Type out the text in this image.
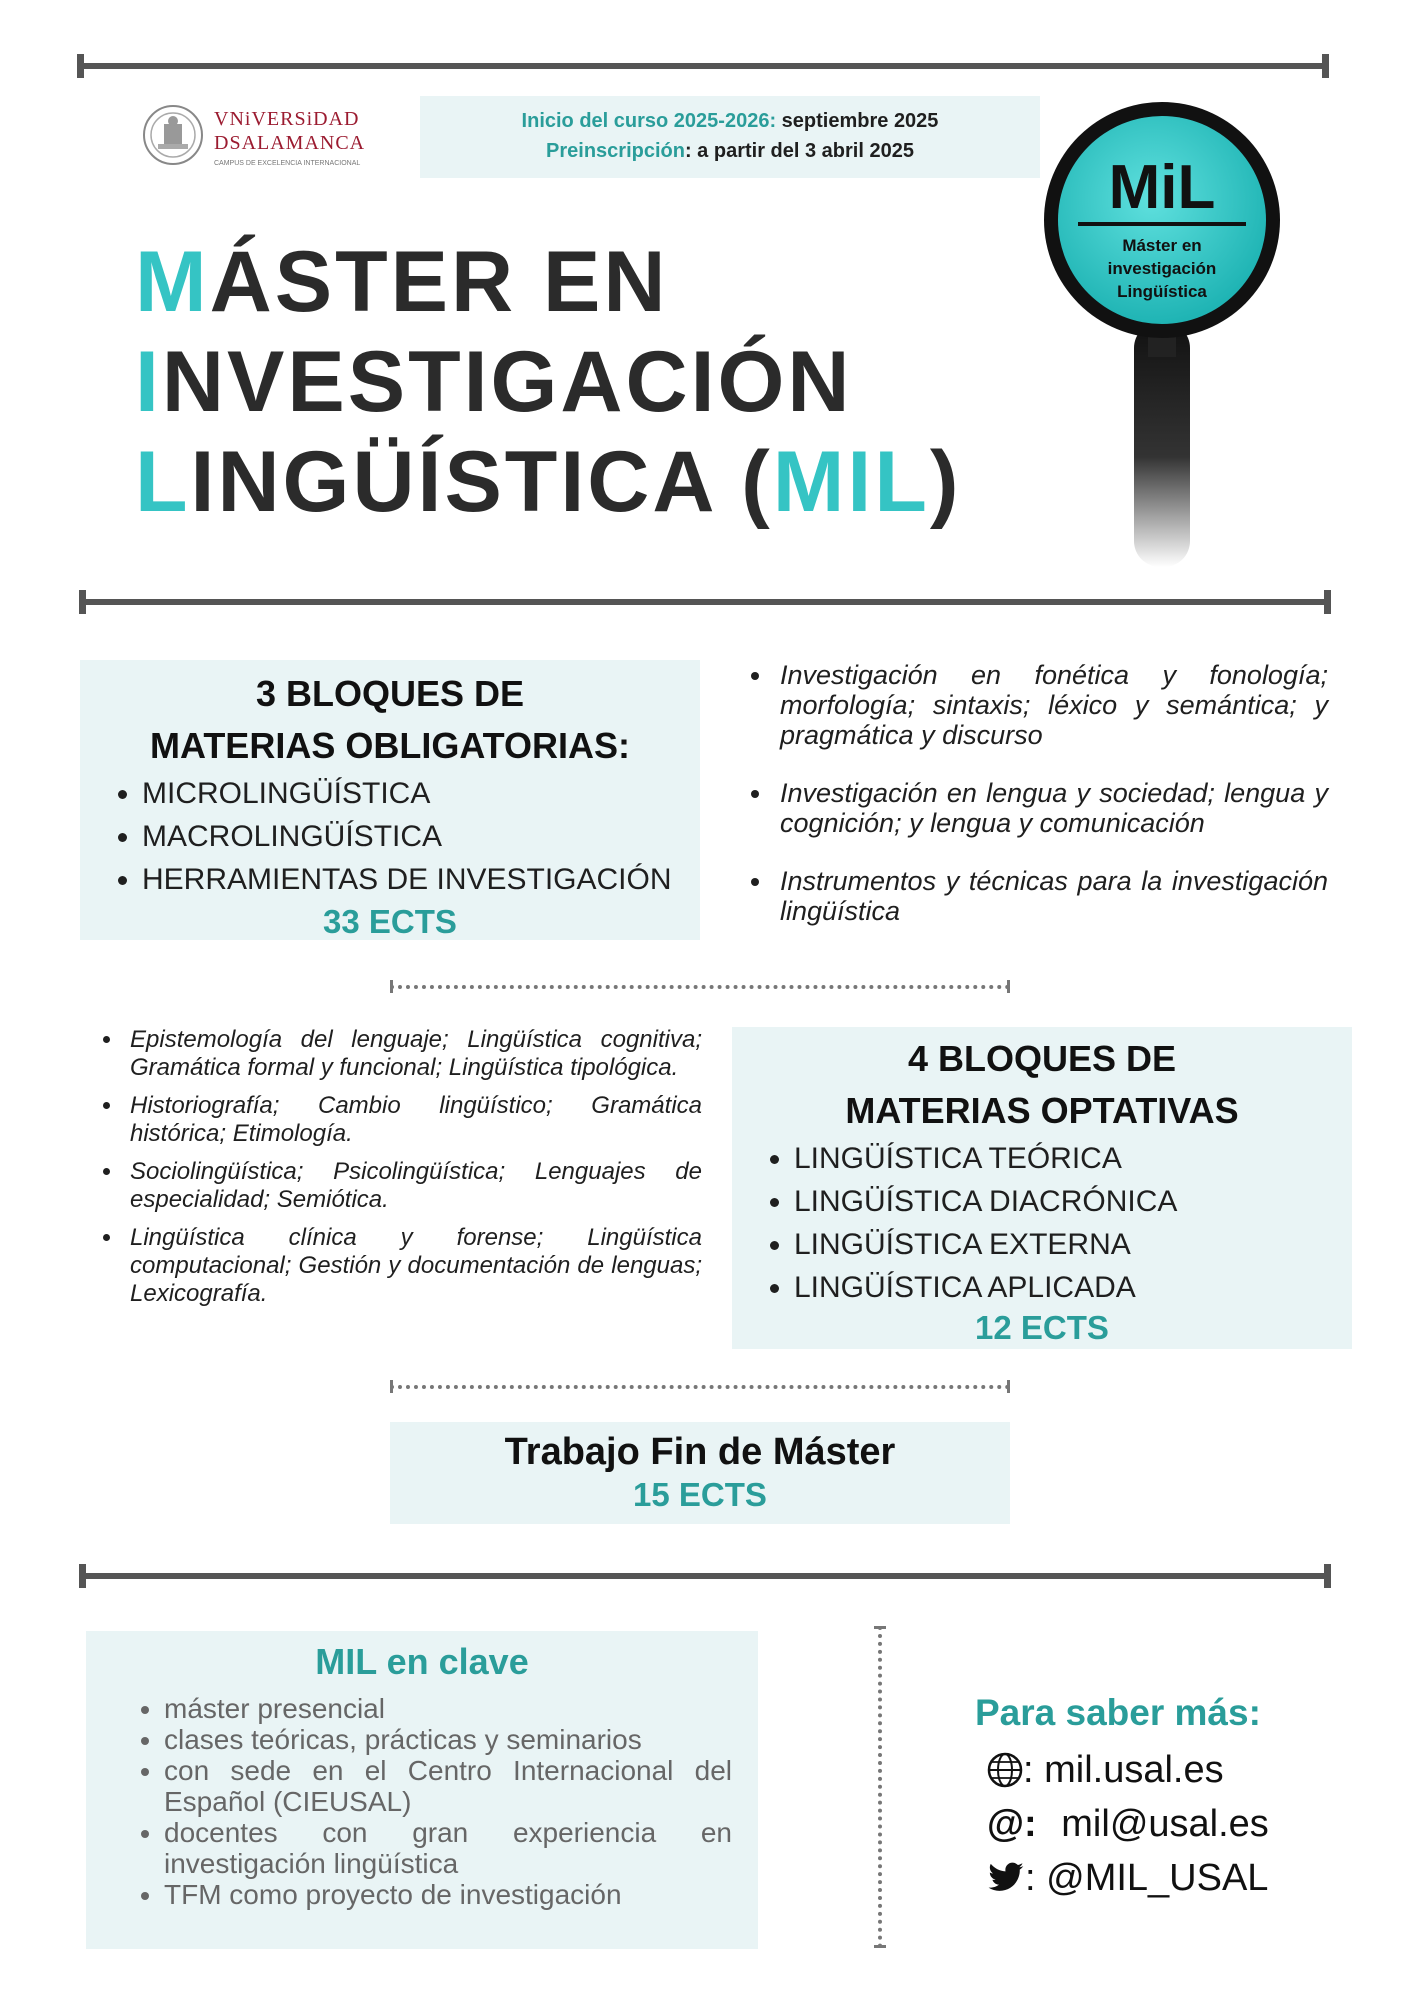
VNiVERSiDAD
DSALAMANCA
CAMPUS DE EXCELENCIA INTERNACIONAL
Inicio del curso 2025-2026: septiembre 2025
Preinscripción: a partir del 3 abril 2025
MÁSTER EN
INVESTIGACIÓN
LINGÜÍSTICA (MIL)
MiL
Máster en
investigación
Lingüística
3 BLOQUES DE
MATERIAS OBLIGATORIAS:
• MICROLINGÜÍSTICA
• MACROLINGÜÍSTICA
• HERRAMIENTAS DE INVESTIGACIÓN
33 ECTS
• Investigación en fonética y fonología; morfología; sintaxis; léxico y semántica; y pragmática y discurso
• Investigación en lengua y sociedad; lengua y cognición; y lengua y comunicación
• Instrumentos y técnicas para la investigación lingüística
• Epistemología del lenguaje; Lingüística cognitiva; Gramática formal y funcional; Lingüística tipológica.
• Historiografía; Cambio lingüístico; Gramática histórica; Etimología.
• Sociolingüística; Psicolingüística; Lenguajes de especialidad; Semiótica.
• Lingüística clínica y forense; Lingüística computacional; Gestión y documentación de lenguas; Lexicografía.
4 BLOQUES DE
MATERIAS OPTATIVAS
• LINGÜÍSTICA TEÓRICA
• LINGÜÍSTICA DIACRÓNICA
• LINGÜÍSTICA EXTERNA
• LINGÜÍSTICA APLICADA
12 ECTS
Trabajo Fin de Máster
15 ECTS
MIL en clave
• máster presencial
• clases teóricas, prácticas y seminarios
• con sede en el Centro Internacional del Español (CIEUSAL)
• docentes con gran experiencia en investigación lingüística
• TFM como proyecto de investigación
Para saber más:
: mil.usal.es
@: mil@usal.es
: @MIL_USAL
